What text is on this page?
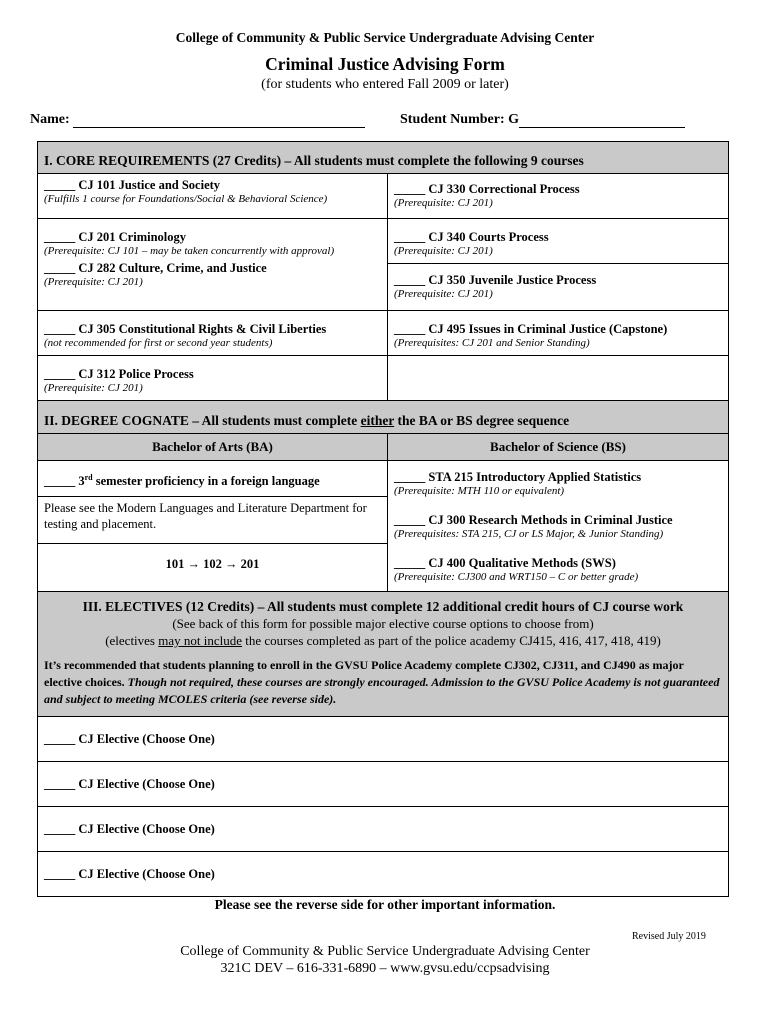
College of Community & Public Service Undergraduate Advising Center
Criminal Justice Advising Form
(for students who entered Fall 2009 or later)
Name:	Student Number: G
I. CORE REQUIREMENTS (27 Credits) – All students must complete the following 9 courses
_____ CJ 101 Justice and Society
(Fulfills 1 course for Foundations/Social & Behavioral Science)
_____ CJ 330 Correctional Process
(Prerequisite: CJ 201)
_____ CJ 201 Criminology
(Prerequisite: CJ 101 – may be taken concurrently with approval)
_____ CJ 282 Culture, Crime, and Justice
(Prerequisite: CJ 201)
_____ CJ 340 Courts Process
(Prerequisite: CJ 201)
_____ CJ 350 Juvenile Justice Process
(Prerequisite: CJ 201)
_____ CJ 305 Constitutional Rights & Civil Liberties
(not recommended for first or second year students)
_____ CJ 495 Issues in Criminal Justice (Capstone)
(Prerequisites: CJ 201 and Senior Standing)
_____ CJ 312 Police Process
(Prerequisite: CJ 201)
II. DEGREE COGNATE – All students must complete either the BA or BS degree sequence
Bachelor of Arts (BA)	Bachelor of Science (BS)
_____ 3rd semester proficiency in a foreign language
Please see the Modern Languages and Literature Department for testing and placement.
101 → 102 → 201
_____ STA 215 Introductory Applied Statistics
(Prerequisite: MTH 110 or equivalent)
_____ CJ 300 Research Methods in Criminal Justice
(Prerequisites: STA 215, CJ or LS Major, & Junior Standing)
_____ CJ 400 Qualitative Methods (SWS)
(Prerequisite: CJ300 and WRT150 – C or better grade)
III. ELECTIVES (12 Credits) – All students must complete 12 additional credit hours of CJ course work
(See back of this form for possible major elective course options to choose from)
(electives may not include the courses completed as part of the police academy CJ415, 416, 417, 418, 419)
It’s recommended that students planning to enroll in the GVSU Police Academy complete CJ302, CJ311, and CJ490 as major elective choices. Though not required, these courses are strongly encouraged. Admission to the GVSU Police Academy is not guaranteed and subject to meeting MCOLES criteria (see reverse side).
_____ CJ Elective (Choose One)
_____ CJ Elective (Choose One)
_____ CJ Elective (Choose One)
_____ CJ Elective (Choose One)
Please see the reverse side for other important information.
Revised July 2019
College of Community & Public Service Undergraduate Advising Center
321C DEV – 616-331-6890 – www.gvsu.edu/ccpsadvising
